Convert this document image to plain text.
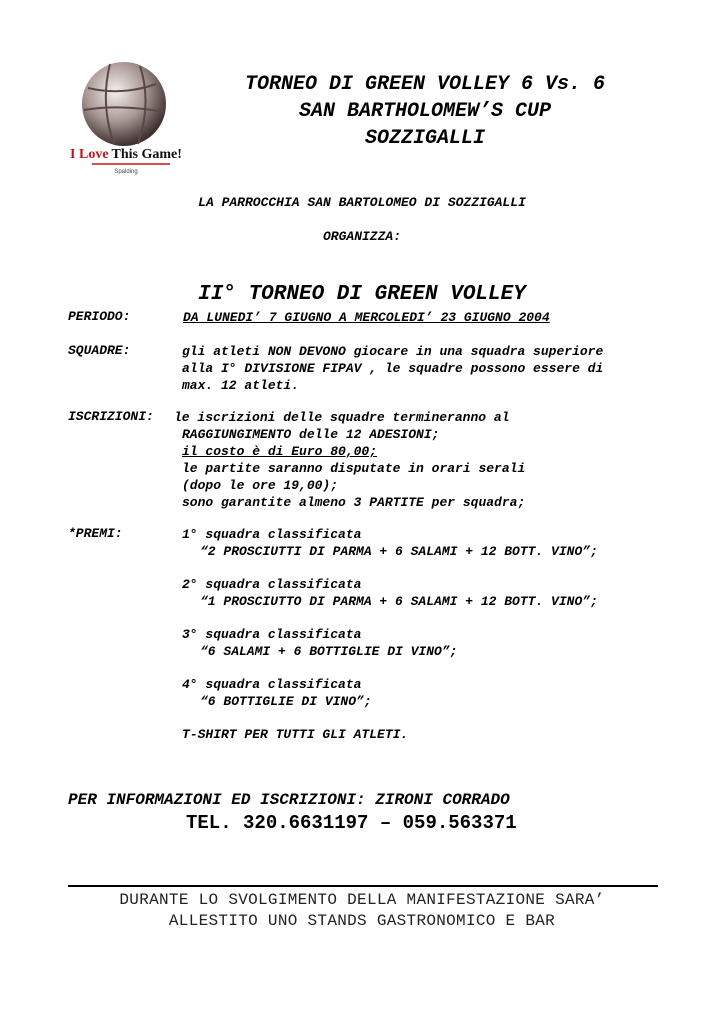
I Love This Game!
Spalding
TORNEO DI GREEN VOLLEY 6 Vs. 6
SAN BARTHOLOMEW’S CUP
SOZZIGALLI
LA PARROCCHIA SAN BARTOLOMEO DI SOZZIGALLI
ORGANIZZA:
II° TORNEO DI GREEN VOLLEY
PERIODO:	DA LUNEDI’ 7 GIUGNO A MERCOLEDI’ 23 GIUGNO 2004
SQUADRE:	gli atleti NON DEVONO giocare in una squadra superiore
alla I° DIVISIONE FIPAV , le squadre possono essere di
max. 12 atleti.
ISCRIZIONI: le iscrizioni delle squadre termineranno al
RAGGIUNGIMENTO delle 12 ADESIONI;
il costo è di Euro 80,00;
le partite saranno disputate in orari serali
(dopo le ore 19,00);
sono garantite almeno 3 PARTITE per squadra;
*PREMI:	1° squadra classificata
“2 PROSCIUTTI DI PARMA + 6 SALAMI + 12 BOTT. VINO”;
2° squadra classificata
“1 PROSCIUTTO DI PARMA + 6 SALAMI + 12 BOTT. VINO”;
3° squadra classificata
“6 SALAMI + 6 BOTTIGLIE DI VINO”;
4° squadra classificata
“6 BOTTIGLIE DI VINO”;
T-SHIRT PER TUTTI GLI ATLETI.
PER INFORMAZIONI ED ISCRIZIONI: ZIRONI CORRADO
TEL. 320.6631197 – 059.563371
DURANTE LO SVOLGIMENTO DELLA MANIFESTAZIONE SARA’
ALLESTITO UNO STANDS GASTRONOMICO E BAR
